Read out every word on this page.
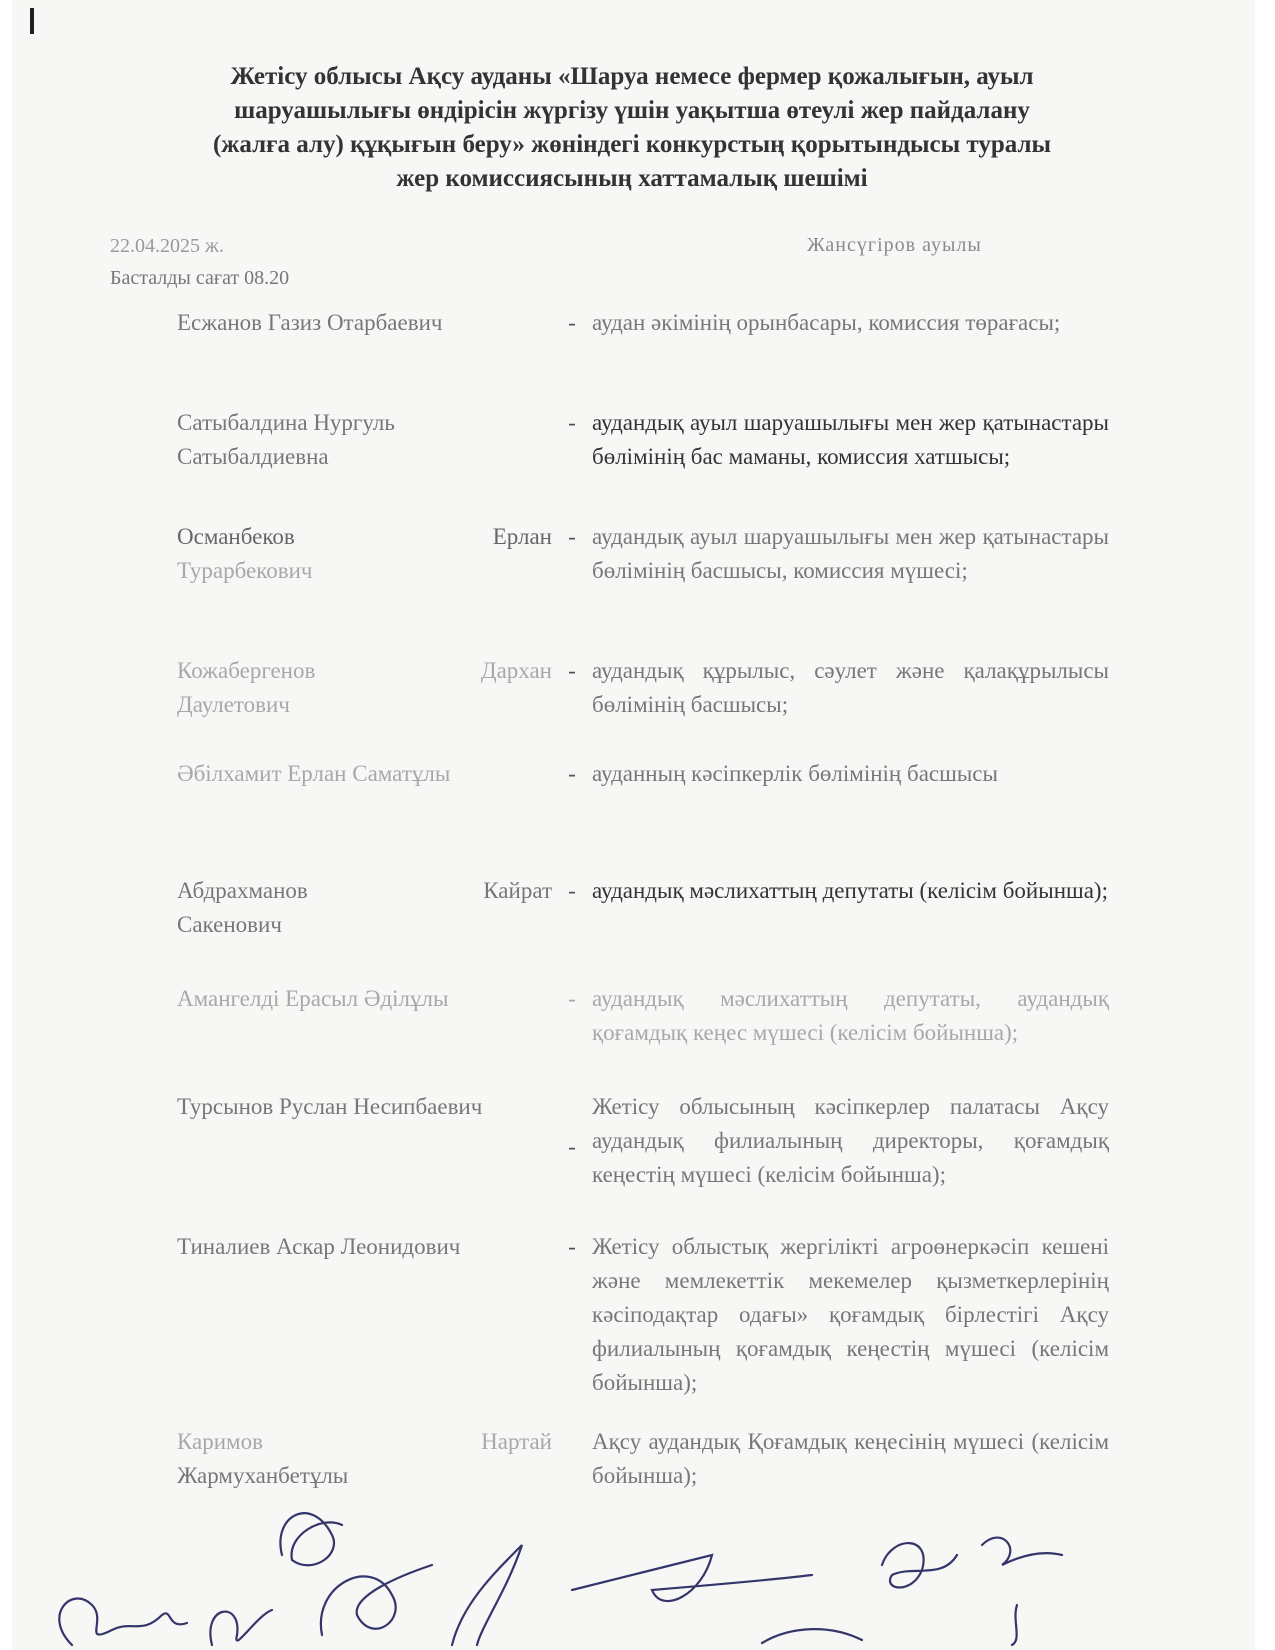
Жетісу облысы Ақсу ауданы «Шаруа немесе фермер қожалығын, ауыл
шаруашылығы өндірісін жүргізу үшін уақытша өтеулі жер пайдалану
(жалға алу) құқығын беру» жөніндегі конкурстың қорытындысы туралы
жер комиссиясының хаттамалық шешімі
22.04.2025 ж.
Басталды сағат 08.20
Жансүгіров ауылы
Есжанов Газиз Отарбаевич	- аудан әкімінің орынбасары, комиссия төрағасы;
Сатыбалдина Нургуль
Сатыбалдиевна
- аудандық ауыл шаруашылығы мен жер қатынастары бөлімінің бас маманы, комиссия хатшысы;
Османбеков Ерлан
Турарбекович
- аудандық ауыл шаруашылығы мен жер қатынастары бөлімінің басшысы, комиссия мүшесі;
Кожабергенов Дархан
Даулетович
- аудандық құрылыс, сәулет және қалақұрылысы бөлімінің басшысы;
Әбілхамит Ерлан Саматұлы	- ауданның кәсіпкерлік бөлімінің басшысы
Абдрахманов Кайрат
Сакенович
- аудандық мәслихаттың депутаты (келісім бойынша);
Амангелді Ерасыл Әділұлы	- аудандық мәслихаттың депутаты, аудандық қоғамдық кеңес мүшесі (келісім бойынша);
Турсынов Руслан Несипбаевич
-
Жетісу облысының кәсіпкерлер палатасы Ақсу аудандық филиалының директоры, қоғамдық кеңестің мүшесі (келісім бойынша);
Тиналиев Аскар Леонидович	- Жетісу облыстық жергілікті агроөнеркәсіп кешені және мемлекеттік мекемелер қызметкерлерінің кәсіподақтар одағы» қоғамдық бірлестігі Ақсу филиалының қоғамдық кеңестің мүшесі (келісім бойынша);
Каримов Нартай
Жармуханбетұлы
Ақсу аудандық Қоғамдық кеңесінің мүшесі (келісім бойынша);
